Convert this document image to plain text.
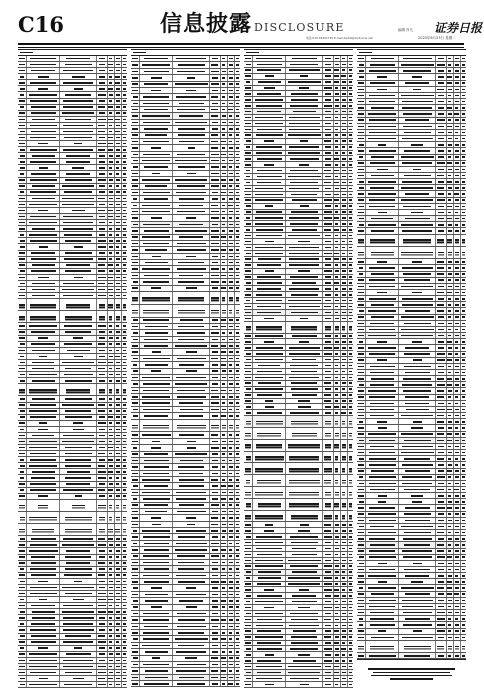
C16	信息披露 DISCLOSURE	编辑 肖凡
电话:010-83251730 E-mail:zqrb9@zqrb.sina.net
证券日报
2020年6月23日 星期二
